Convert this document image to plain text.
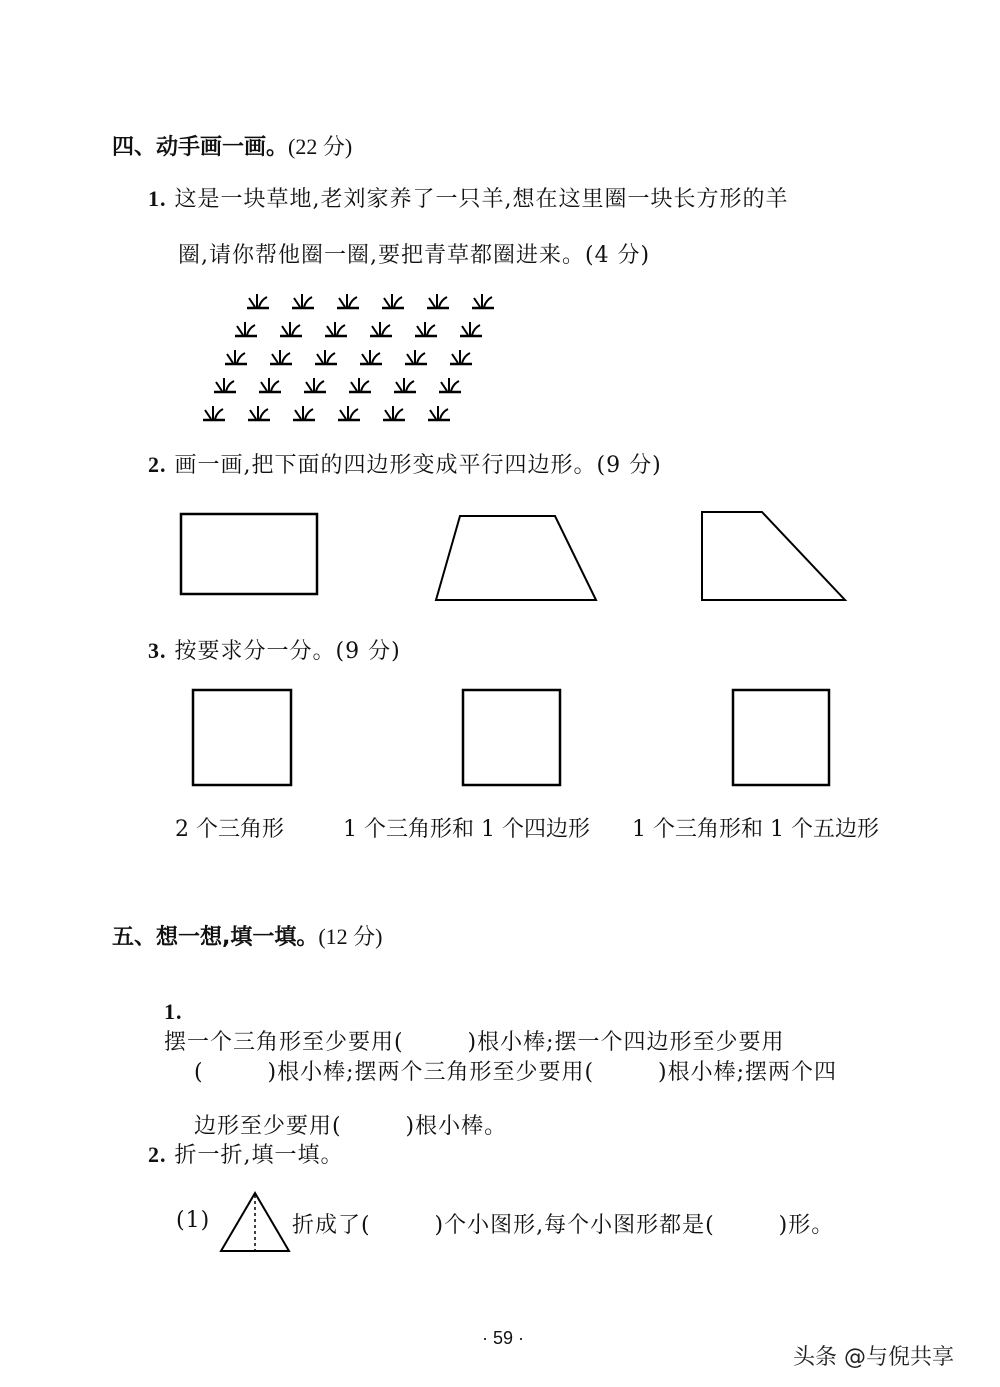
四、动手画一画。(22 分)
1. 这是一块草地,老刘家养了一只羊,想在这里圈一块长方形的羊
圈,请你帮他圈一圈,要把青草都圈进来。(4 分)
2. 画一画,把下面的四边形变成平行四边形。(9 分)
3. 按要求分一分。(9 分)
2 个三角形	1 个三角形和 1 个四边形 1 个三角形和 1 个五边形
五、想一想,填一填。(12 分)

1.
摆一个三角形至少要用(        )根小棒;摆一个四边形至少要用

(        )根小棒;摆两个三角形至少要用(        )根小棒;摆两个四

边形至少要用(        )根小棒。

2. 折一折,填一填。
(1)	折成了(        )个小图形,每个小图形都是(        )形。
· 59 ·
头条 @与倪共享
